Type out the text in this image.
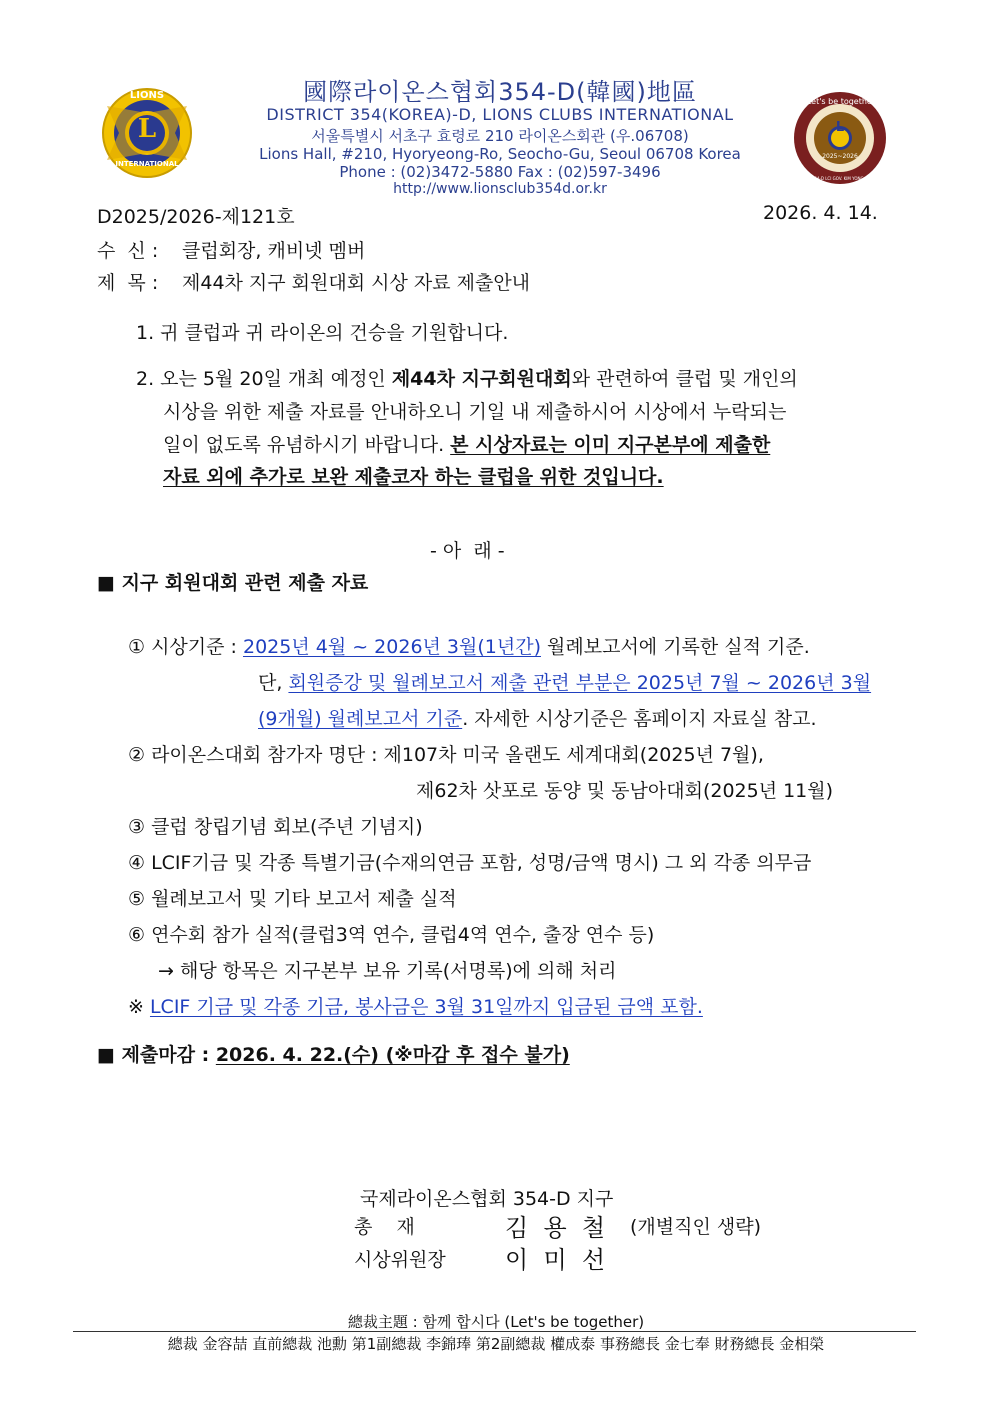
LIONS
L
INTERNATIONAL
Let's be together
L
2025~2026
DIST 354-D LCI GOV. KIM YONG-CHEOL
國際라이온스협회354-D(韓國)地區
DISTRICT 354(KOREA)-D, LIONS CLUBS INTERNATIONAL
서울특별시 서초구 효령로 210 라이온스회관 (우.06708)
Lions Hall, #210, Hyoryeong-Ro, Seocho-Gu, Seoul 06708 Korea
Phone : (02)3472-5880 Fax : (02)597-3496
http://www.lionsclub354d.or.kr
D2025/2026-제121호	2026. 4. 14.
수  신 : 클럽회장, 캐비넷 멤버
제  목 : 제44차 지구 회원대회 시상 자료 제출안내
1. 귀 클럽과 귀 라이온의 건승을 기원합니다.
2. 오는 5월 20일 개최 예정인 제44차 지구회원대회와 관련하여 클럽 및 개인의
시상을 위한 제출 자료를 안내하오니 기일 내 제출하시어 시상에서 누락되는
일이 없도록 유념하시기 바랍니다. 본 시상자료는 이미 지구본부에 제출한
자료 외에 추가로 보완 제출코자 하는 클럽을 위한 것입니다.
- 아  래 -
■ 지구 회원대회 관련 제출 자료
① 시상기준 : 2025년 4월 ~ 2026년 3월(1년간) 월례보고서에 기록한 실적 기준.
단, 회원증강 및 월례보고서 제출 관련 부분은 2025년 7월 ~ 2026년 3월
(9개월) 월례보고서 기준. 자세한 시상기준은 홈페이지 자료실 참고.
② 라이온스대회 참가자 명단 : 제107차 미국 올랜도 세계대회(2025년 7월),
제62차 삿포로 동양 및 동남아대회(2025년 11월)
③ 클럽 창립기념 회보(주년 기념지)
④ LCIF기금 및 각종 특별기금(수재의연금 포함, 성명/금액 명시) 그 외 각종 의무금
⑤ 월례보고서 및 기타 보고서 제출 실적
⑥ 연수회 참가 실적(클럽3역 연수, 클럽4역 연수, 출장 연수 등)
→ 해당 항목은 지구본부 보유 기록(서명록)에 의해 처리
※ LCIF 기금 및 각종 기금, 봉사금은 3월 31일까지 입금된 금액 포함.
■ 제출마감 : 2026. 4. 22.(수) (※마감 후 접수 불가)
국제라이온스협회 354-D 지구
총    재	김  용  철 (개별직인 생략)
시상위원장 이  미  선
總裁主題 : 함께 합시다 (Let's be together)
總裁 金容喆 直前總裁 池勳 第1副總裁 李錦琫 第2副總裁 權成泰 事務總長 金七奉 財務總長 金相榮
